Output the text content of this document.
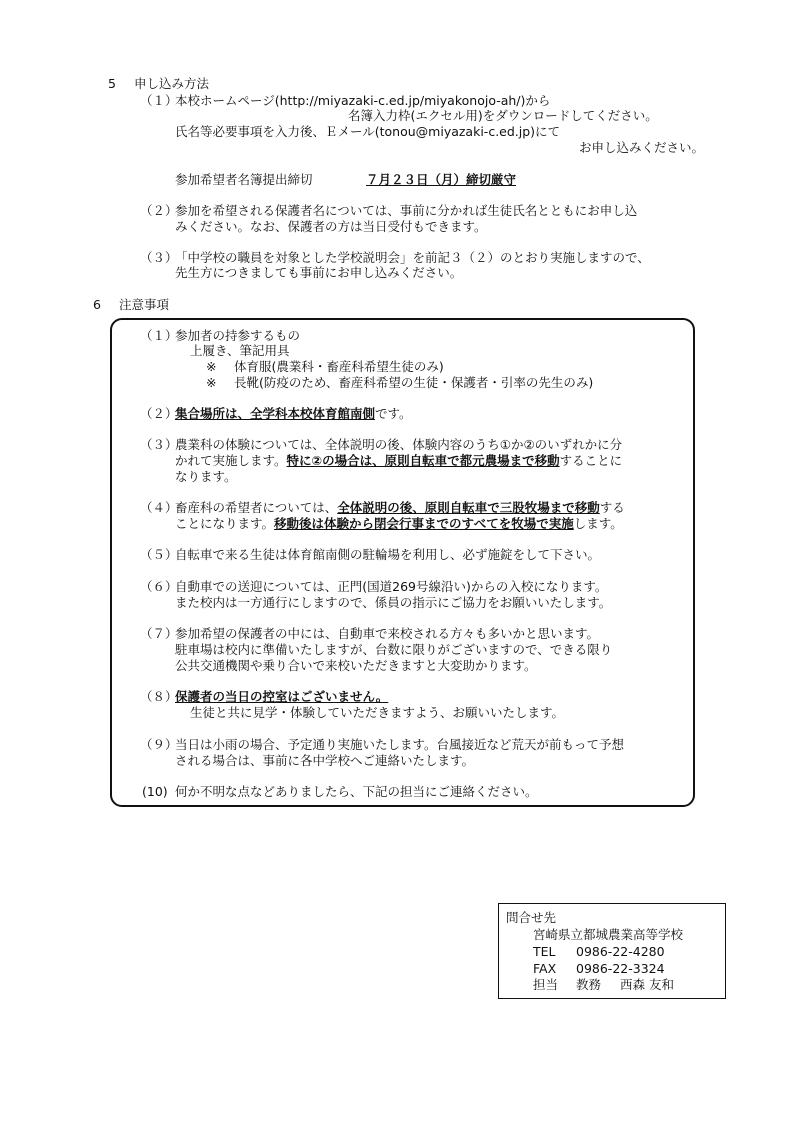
5 申し込み方法
（１）
本校ホームページ(http://miyazaki-c.ed.jp/miyakonojo-ah/)から
名簿入力枠(エクセル用)をダウンロードしてください。
氏名等必要事項を入力後、Ｅメール(tonou@miyazaki-c.ed.jp)にて
お申し込みください。
参加希望者名簿提出締切	７月２３日（月）締切厳守
（２）
参加を希望される保護者名については、事前に分かれば生徒氏名とともにお申し込
みください。なお、保護者の方は当日受付もできます。
（３）
「中学校の職員を対象とした学校説明会」を前記３（２）のとおり実施しますので、
先生方につきましても事前にお申し込みください。
6 注意事項
（１）
参加者の持参するもの
上履き、筆記用具
※ 体育服(農業科・畜産科希望生徒のみ)
※ 長靴(防疫のため、畜産科希望の生徒・保護者・引率の先生のみ)
（２）
集合場所は、全学科本校体育館南側です。
（３）
農業科の体験については、全体説明の後、体験内容のうち①か②のいずれかに分
かれて実施します。特に②の場合は、原則自転車で都元農場まで移動することに
なります。
（４）
畜産科の希望者については、全体説明の後、原則自転車で三股牧場まで移動する
ことになります。移動後は体験から閉会行事までのすべてを牧場で実施します。
（５）
自転車で来る生徒は体育館南側の駐輪場を利用し、必ず施錠をして下さい。
（６）
自動車での送迎については、正門(国道269号線沿い)からの入校になります。
また校内は一方通行にしますので、係員の指示にご協力をお願いいたします。
（７）
参加希望の保護者の中には、自動車で来校される方々も多いかと思います。
駐車場は校内に準備いたしますが、台数に限りがございますので、できる限り
公共交通機関や乗り合いで来校いただきますと大変助かります。
（８）
保護者の当日の控室はございません。
生徒と共に見学・体験していただきますよう、お願いいたします。
（９）
当日は小雨の場合、予定通り実施いたします。台風接近など荒天が前もって予想
される場合は、事前に各中学校へご連絡いたします。
(10) 何か不明な点などありましたら、下記の担当にご連絡ください。
問合せ先
宮崎県立都城農業高等学校
TEL 0986-22-4280
FAX 0986-22-3324
担当 教務 西森 友和
